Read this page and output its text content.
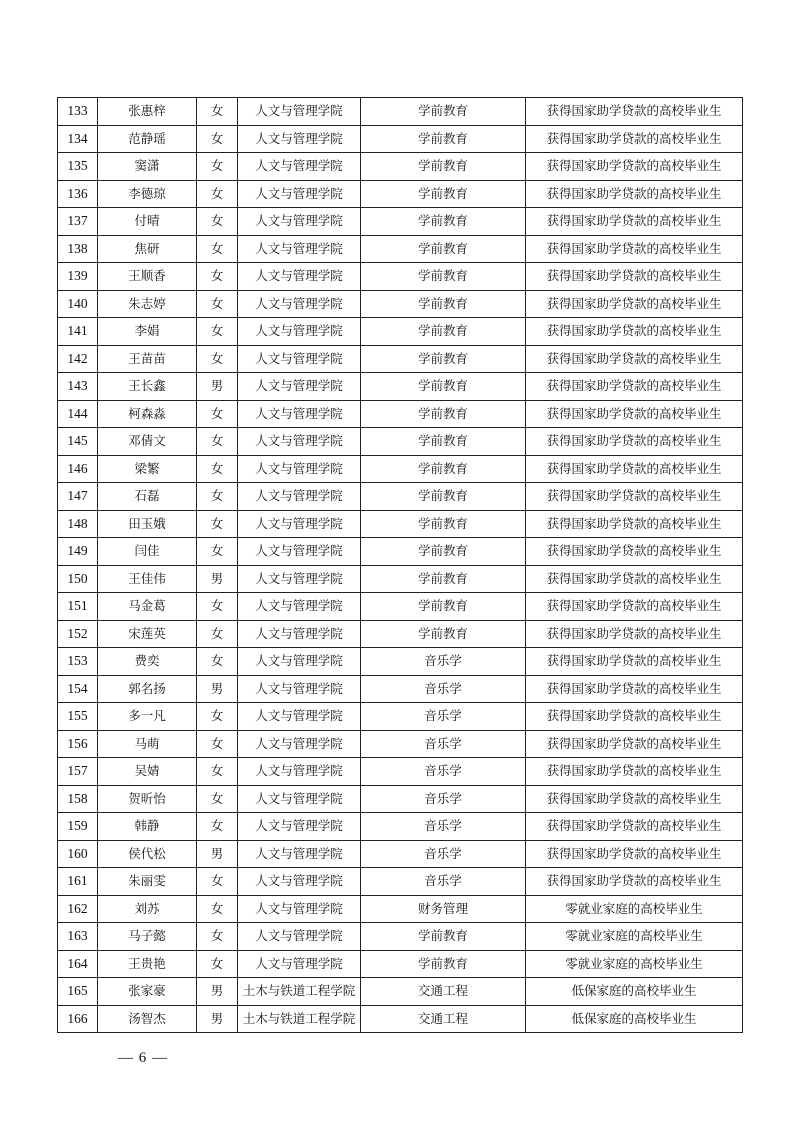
133	张惠梓	女	人文与管理学院	学前教育	获得国家助学贷款的高校毕业生
134	范静瑶	女	人文与管理学院	学前教育	获得国家助学贷款的高校毕业生
135	窦潇	女	人文与管理学院	学前教育	获得国家助学贷款的高校毕业生
136	李德琼	女	人文与管理学院	学前教育	获得国家助学贷款的高校毕业生
137	付晴	女	人文与管理学院	学前教育	获得国家助学贷款的高校毕业生
138	焦研	女	人文与管理学院	学前教育	获得国家助学贷款的高校毕业生
139	王顺香	女	人文与管理学院	学前教育	获得国家助学贷款的高校毕业生
140	朱志婷	女	人文与管理学院	学前教育	获得国家助学贷款的高校毕业生
141	李娟	女	人文与管理学院	学前教育	获得国家助学贷款的高校毕业生
142	王苗苗	女	人文与管理学院	学前教育	获得国家助学贷款的高校毕业生
143	王长鑫	男	人文与管理学院	学前教育	获得国家助学贷款的高校毕业生
144	柯森淼	女	人文与管理学院	学前教育	获得国家助学贷款的高校毕业生
145	邓倩文	女	人文与管理学院	学前教育	获得国家助学贷款的高校毕业生
146	梁繁	女	人文与管理学院	学前教育	获得国家助学贷款的高校毕业生
147	石磊	女	人文与管理学院	学前教育	获得国家助学贷款的高校毕业生
148	田玉娥	女	人文与管理学院	学前教育	获得国家助学贷款的高校毕业生
149	闫佳	女	人文与管理学院	学前教育	获得国家助学贷款的高校毕业生
150	王佳伟	男	人文与管理学院	学前教育	获得国家助学贷款的高校毕业生
151	马金葛	女	人文与管理学院	学前教育	获得国家助学贷款的高校毕业生
152	宋莲英	女	人文与管理学院	学前教育	获得国家助学贷款的高校毕业生
153	费奕	女	人文与管理学院	音乐学	获得国家助学贷款的高校毕业生
154	郭名扬	男	人文与管理学院	音乐学	获得国家助学贷款的高校毕业生
155	多一凡	女	人文与管理学院	音乐学	获得国家助学贷款的高校毕业生
156	马萌	女	人文与管理学院	音乐学	获得国家助学贷款的高校毕业生
157	吴婧	女	人文与管理学院	音乐学	获得国家助学贷款的高校毕业生
158	贺昕怡	女	人文与管理学院	音乐学	获得国家助学贷款的高校毕业生
159	韩静	女	人文与管理学院	音乐学	获得国家助学贷款的高校毕业生
160	侯代松	男	人文与管理学院	音乐学	获得国家助学贷款的高校毕业生
161	朱丽雯	女	人文与管理学院	音乐学	获得国家助学贷款的高校毕业生
162	刘苏	女	人文与管理学院	财务管理	零就业家庭的高校毕业生
163	马子懿	女	人文与管理学院	学前教育	零就业家庭的高校毕业生
164	王贵艳	女	人文与管理学院	学前教育	零就业家庭的高校毕业生
165	张家豪	男	土木与铁道工程学院	交通工程	低保家庭的高校毕业生
166	汤智杰	男	土木与铁道工程学院	交通工程	低保家庭的高校毕业生
— 6 —
